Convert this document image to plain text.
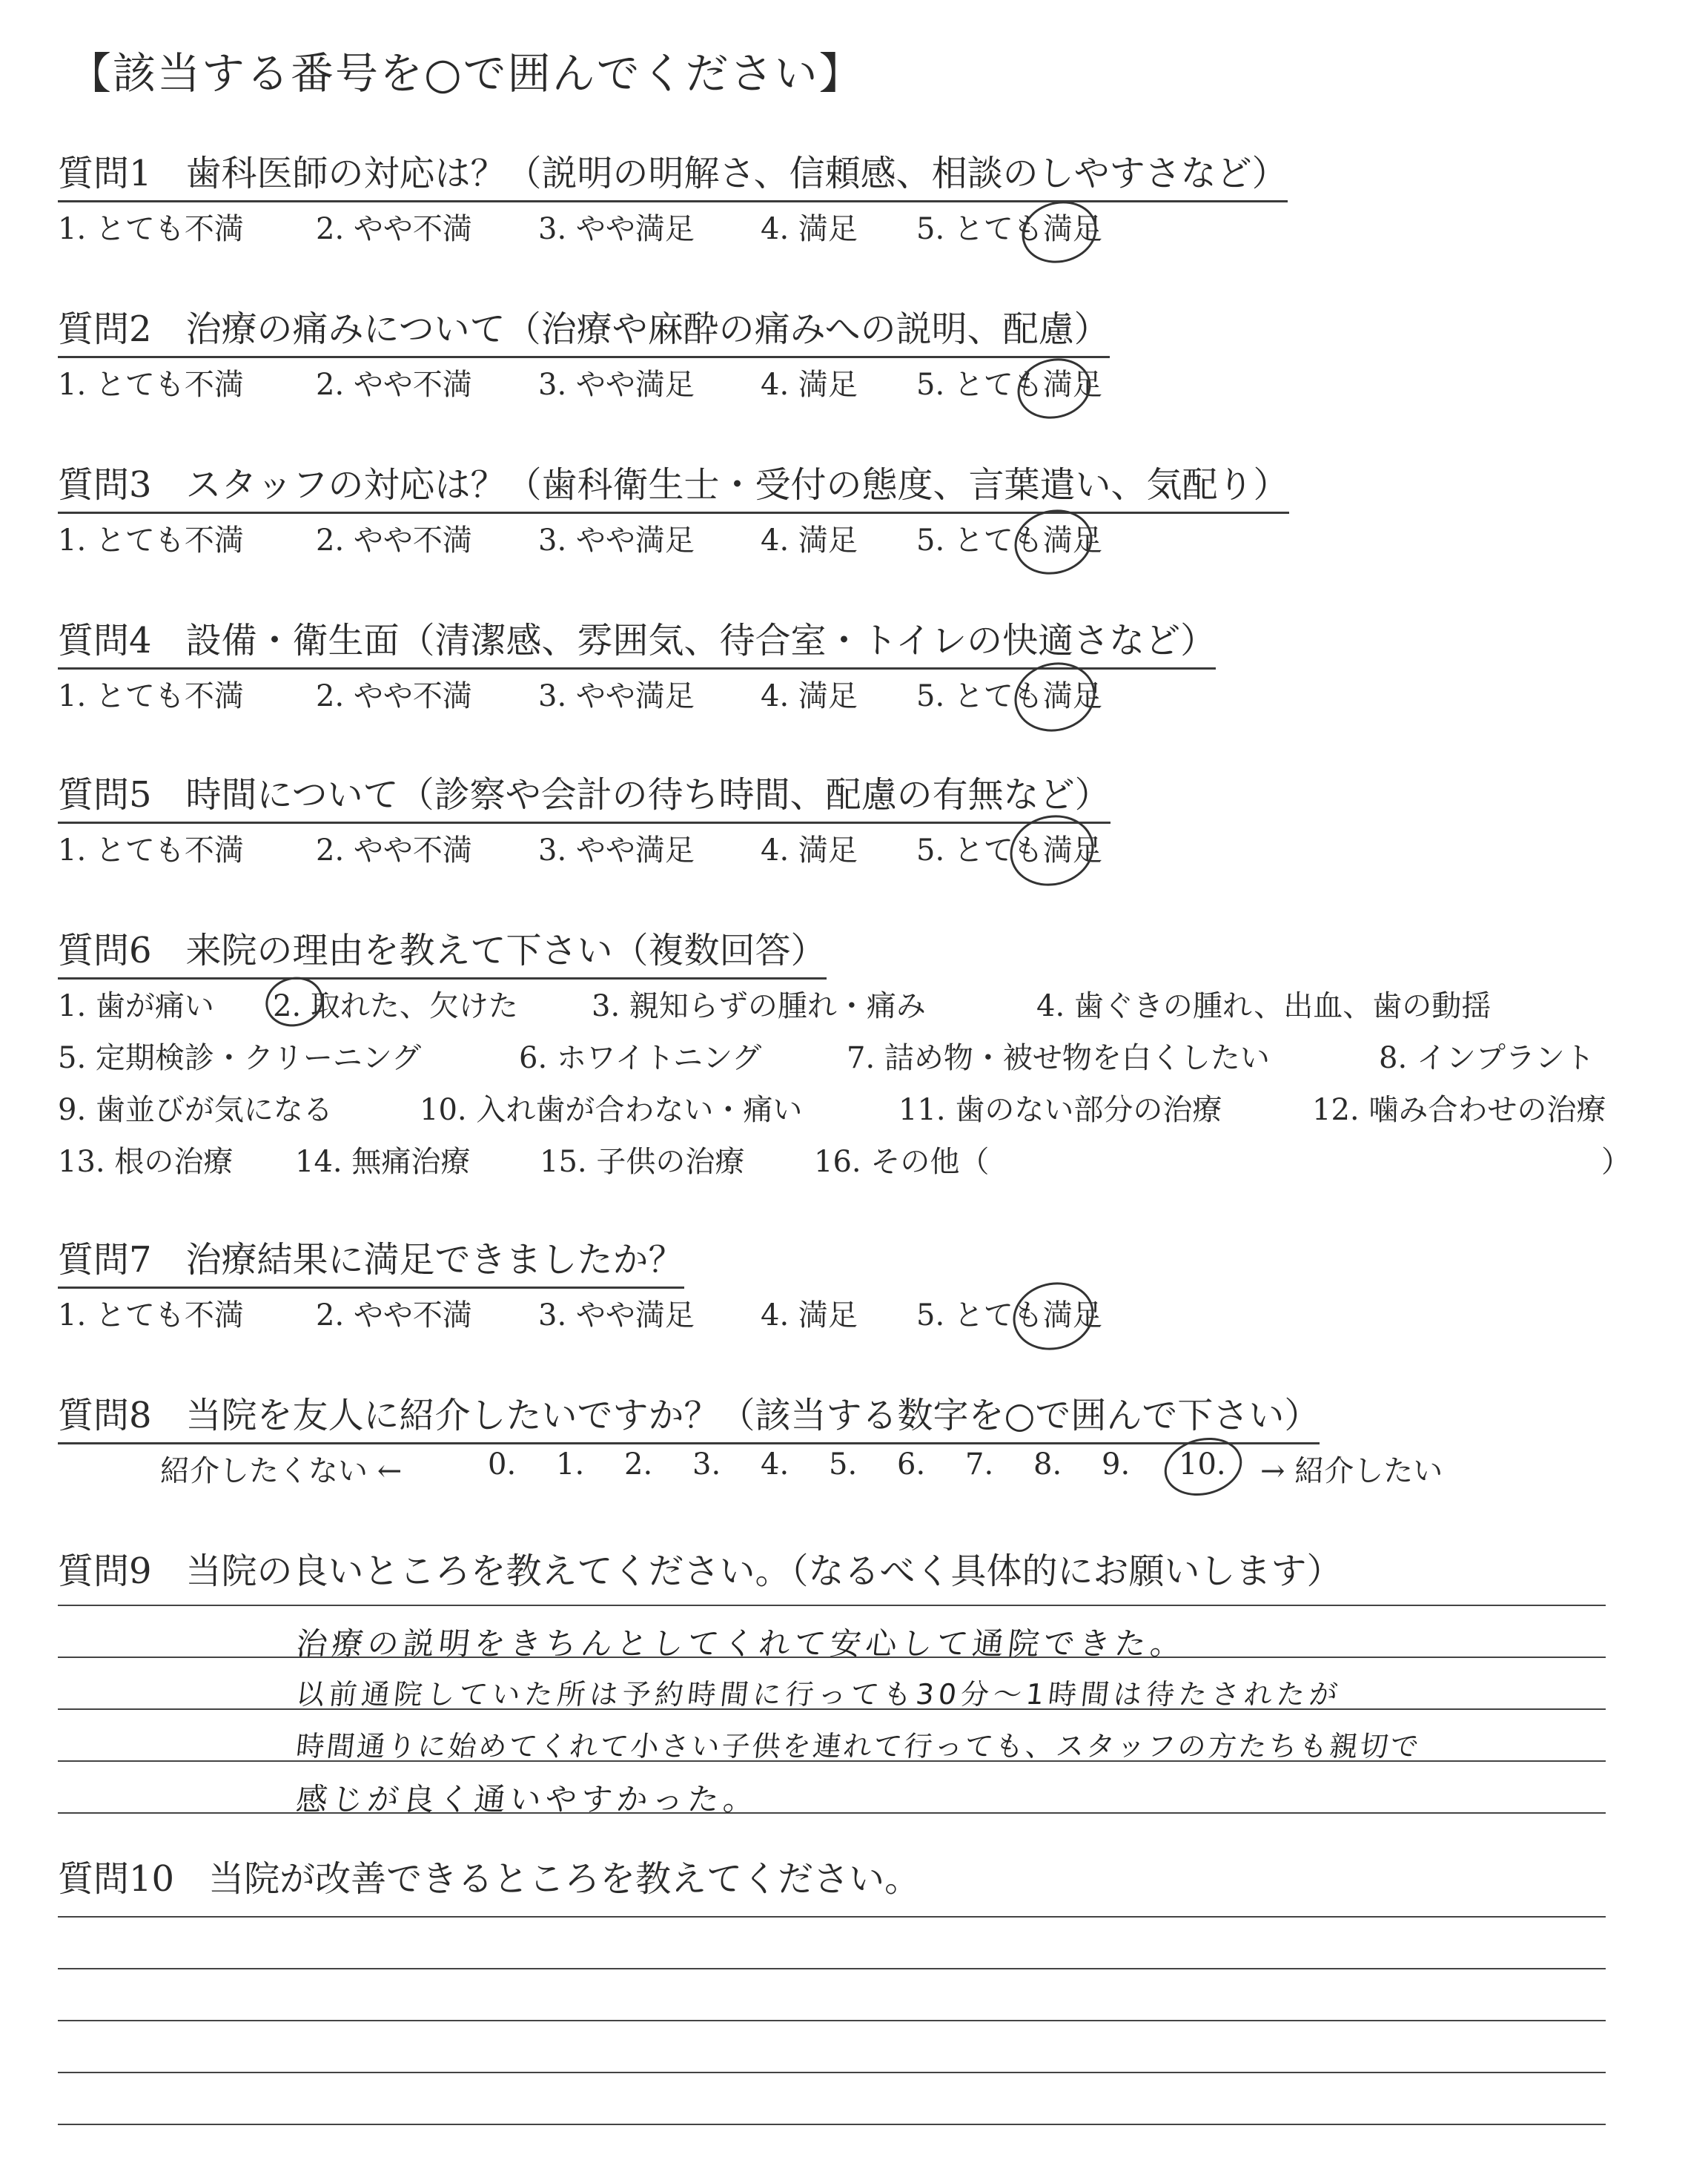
【該当する番号を○で囲んでください】
質問1 歯科医師の対応は？（説明の明解さ、信頼感、相談のしやすさなど）
1. とても不満 2. やや不満 3. やや満足 4. 満足 5. とても満足
質問2 治療の痛みについて（治療や麻酔の痛みへの説明、配慮）
1. とても不満 2. やや不満 3. やや満足 4. 満足 5. とても満足
質問3 スタッフの対応は？（歯科衛生士・受付の態度、言葉遣い、気配り）
1. とても不満 2. やや不満 3. やや満足 4. 満足 5. とても満足
質問4 設備・衛生面（清潔感、雰囲気、待合室・トイレの快適さなど）
1. とても不満 2. やや不満 3. やや満足 4. 満足 5. とても満足
質問5 時間について（診察や会計の待ち時間、配慮の有無など）
1. とても不満 2. やや不満 3. やや満足 4. 満足 5. とても満足
質問6 来院の理由を教えて下さい（複数回答）
1. 歯が痛い 2. 取れた、欠けた 3. 親知らずの腫れ・痛み	4. 歯ぐきの腫れ、出血、歯の動揺
5. 定期検診・クリーニング	6. ホワイトニング	7. 詰め物・被せ物を白くしたい	8. インプラント
9. 歯並びが気になる	10. 入れ歯が合わない・痛い	11. 歯のない部分の治療	12. 噛み合わせの治療
13. 根の治療 14. 無痛治療 15. 子供の治療 16. その他（	）
質問7 治療結果に満足できましたか？
1. とても不満 2. やや不満 3. やや満足 4. 満足 5. とても満足
質問8 当院を友人に紹介したいですか？（該当する数字を○で囲んで下さい）
紹介したくない ←	0. 1. 2. 3. 4. 5. 6. 7. 8. 9. 10. → 紹介したい
質問9 当院の良いところを教えてください。（なるべく具体的にお願いします）
治療の説明をきちんとしてくれて安心して通院できた。
以前通院していた所は予約時間に行っても30分～1時間は待たされたが
時間通りに始めてくれて小さい子供を連れて行っても、スタッフの方たちも親切で
感じが良く通いやすかった。
質問10 当院が改善できるところを教えてください。
